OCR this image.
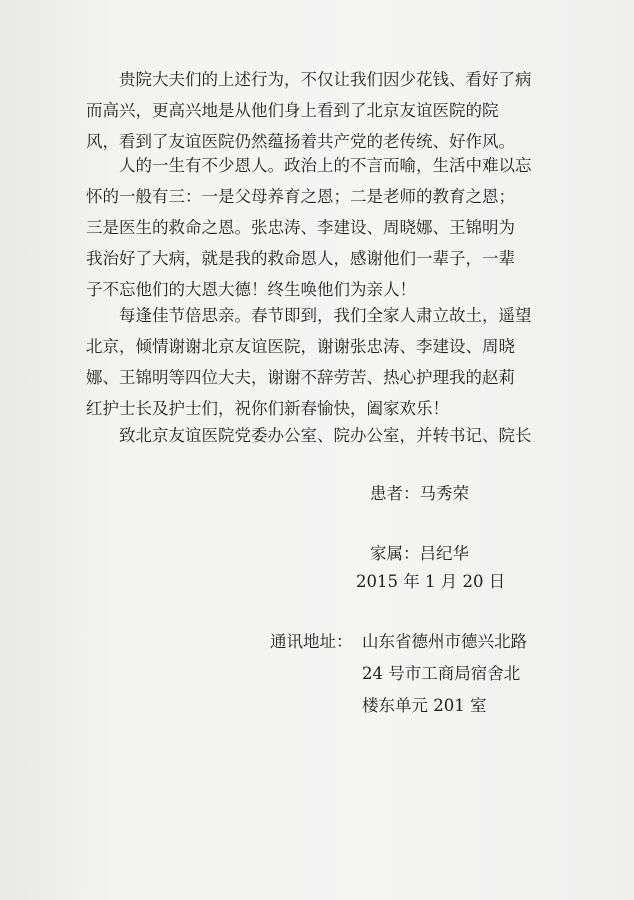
贵院大夫们的上述行为，不仅让我们因少花钱、看好了病
而高兴，更高兴地是从他们身上看到了北京友谊医院的院
风，看到了友谊医院仍然蕴扬着共产党的老传统、好作风。
人的一生有不少恩人。政治上的不言而喻，生活中难以忘
怀的一般有三：一是父母养育之恩；二是老师的教育之恩；
三是医生的救命之恩。张忠涛、李建设、周晓娜、王锦明为
我治好了大病，就是我的救命恩人，感谢他们一辈子，一辈
子不忘他们的大恩大德！终生唤他们为亲人！
每逢佳节倍思亲。春节即到，我们全家人肃立故土，遥望
北京，倾情谢谢北京友谊医院，谢谢张忠涛、李建设、周晓
娜、王锦明等四位大夫，谢谢不辞劳苦、热心护理我的赵莉
红护士长及护士们，祝你们新春愉快，阖家欢乐！
致北京友谊医院党委办公室、院办公室，并转书记、院长
患者：马秀荣
家属：吕纪华
2015 年 1 月 20 日
通讯地址： 山东省德州市德兴北路
24 号市工商局宿舍北
楼东单元 201 室
